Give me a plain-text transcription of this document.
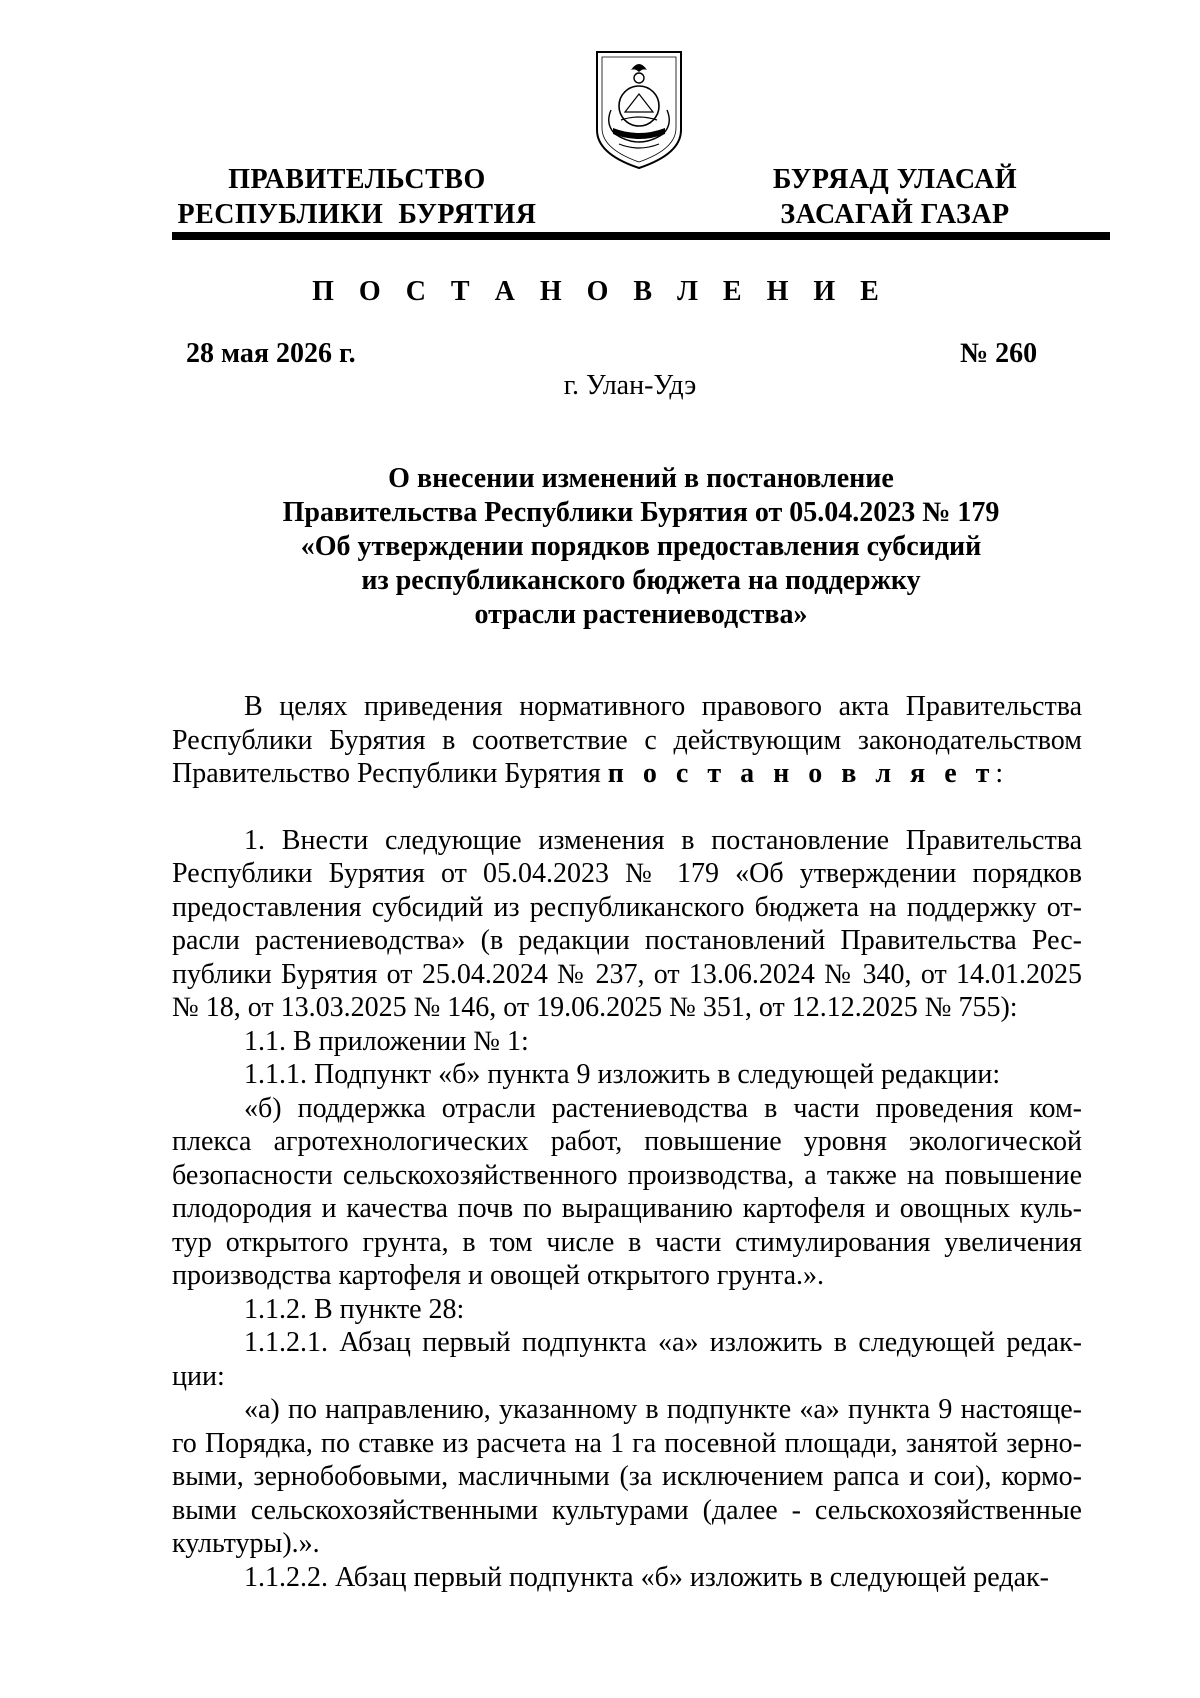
ПРАВИТЕЛЬСТВО
РЕСПУБЛИКИ  БУРЯТИЯ
БУРЯАД УЛАСАЙ
ЗАСАГАЙ ГАЗАР
П О С Т А Н О В Л Е Н И Е
28 мая 2026 г.	№ 260
г. Улан-Удэ
О внесении изменений в постановление
Правительства Республики Бурятия от 05.04.2023 № 179
«Об утверждении порядков предоставления субсидий
из республиканского бюджета на поддержку
отрасли растениеводства»

В целях приведения нормативного правового акта Правительства Республики Бурятия в соответствие с действующим законодательством Правительство Республики Бурятия п о с т а н о в л я е т:

1. Внести следующие изменения в постановление Правительства Республики Бурятия от 05.04.2023 № 179 «Об утверждении порядков предоставления субсидий из республиканского бюджета на поддержку от-расли растениеводства» (в редакции постановлений Правительства Рес-публики Бурятия от 25.04.2024 № 237, от 13.06.2024 № 340, от 14.01.2025 № 18, от 13.03.2025 № 146, от 19.06.2025 № 351, от 12.12.2025 № 755):

1.1. В приложении № 1:

1.1.1. Подпункт «б» пункта 9 изложить в следующей редакции:

«б) поддержка отрасли растениеводства в части проведения ком-плекса агротехнологических работ, повышение уровня экологической безопасности сельскохозяйственного производства, а также на повышение плодородия и качества почв по выращиванию картофеля и овощных куль-тур открытого грунта, в том числе в части стимулирования увеличения производства картофеля и овощей открытого грунта.».

1.1.2. В пункте 28:

1.1.2.1. Абзац первый подпункта «а» изложить в следующей редак-ции:

«а) по направлению, указанному в подпункте «а» пункта 9 настояще-го Порядка, по ставке из расчета на 1 га посевной площади, занятой зерно-выми, зернобобовыми, масличными (за исключением рапса и сои), кормо-выми сельскохозяйственными культурами (далее - сельскохозяйственные культуры).».

1.1.2.2. Абзац первый подпункта «б» изложить в следующей редак-
